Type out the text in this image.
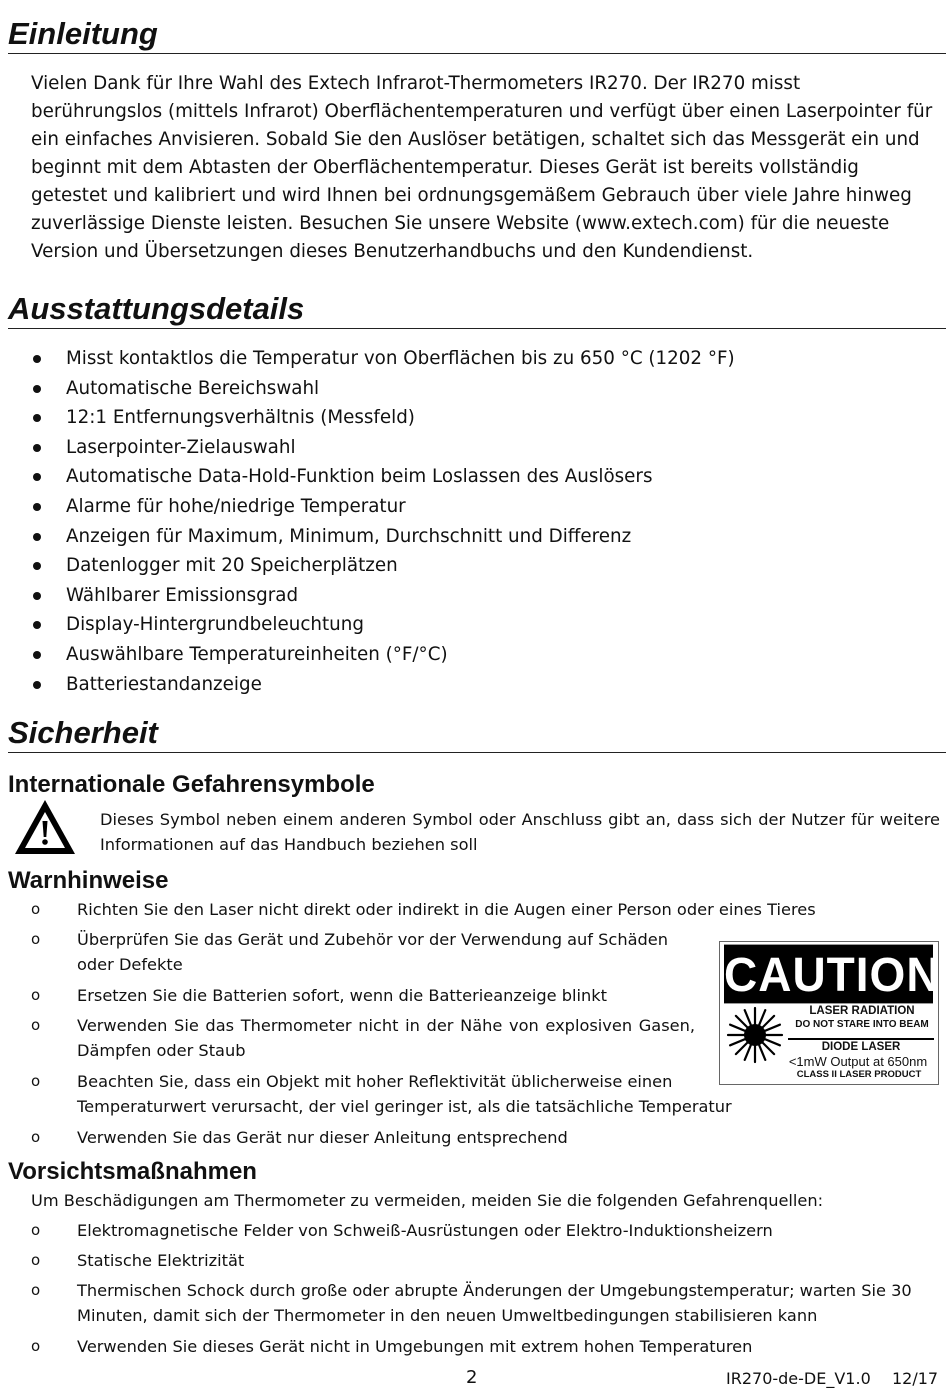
Einleitung

Vielen Dank für Ihre Wahl des Extech Infrarot-Thermometers IR270. Der IR270 misst berührungslos (mittels Infrarot) Oberflächentemperaturen und verfügt über einen Laserpointer für ein einfaches Anvisieren. Sobald Sie den Auslöser betätigen, schaltet sich das Messgerät ein und beginnt mit dem Abtasten der Oberflächentemperatur. Dieses Gerät ist bereits vollständig getestet und kalibriert und wird Ihnen bei ordnungsgemäßem Gebrauch über viele Jahre hinweg zuverlässige Dienste leisten. Besuchen Sie unsere Website (www.extech.com) für die neueste Version und Übersetzungen dieses Benutzerhandbuchs und den Kundendienst.

Ausstattungsdetails
Misst kontaktlos die Temperatur von Oberflächen bis zu 650 °C (1202 °F)
Automatische Bereichswahl
12:1 Entfernungsverhältnis (Messfeld)
Laserpointer-Zielauswahl
Automatische Data-Hold-Funktion beim Loslassen des Auslösers
Alarme für hohe/niedrige Temperatur
Anzeigen für Maximum, Minimum, Durchschnitt und Differenz
Datenlogger mit 20 Speicherplätzen
Wählbarer Emissionsgrad
Display-Hintergrundbeleuchtung
Auswählbare Temperatureinheiten (°F/°C)
Batteriestandanzeige
Sicherheit
Internationale Gefahrensymbole
Dieses Symbol neben einem anderen Symbol oder Anschluss gibt an, dass sich der Nutzer für weitere Informationen auf das Handbuch beziehen soll
Warnhinweise
o Richten Sie den Laser nicht direkt oder indirekt in die Augen einer Person oder eines Tieres
o Überprüfen Sie das Gerät und Zubehör vor der Verwendung auf Schäden oder Defekte
o Ersetzen Sie die Batterien sofort, wenn die Batterieanzeige blinkt
o Verwenden Sie das Thermometer nicht in der Nähe von explosiven Gasen, Dämpfen oder Staub
o Beachten Sie, dass ein Objekt mit hoher Reflektivität üblicherweise einen Temperaturwert verursacht, der viel geringer ist, als die tatsächliche Temperatur
o Verwenden Sie das Gerät nur dieser Anleitung entsprechend
CAUTION
LASER RADIATION
DO NOT STARE INTO BEAM
DIODE LASER
<1mW Output at 650nm
CLASS II LASER PRODUCT
Vorsichtsmaßnahmen
Um Beschädigungen am Thermometer zu vermeiden, meiden Sie die folgenden Gefahrenquellen:
o Elektromagnetische Felder von Schweiß-Ausrüstungen oder Elektro-Induktionsheizern
o Statische Elektrizität
o Thermischen Schock durch große oder abrupte Änderungen der Umgebungstemperatur; warten Sie 30 Minuten, damit sich der Thermometer in den neuen Umweltbedingungen stabilisieren kann
o Verwenden Sie dieses Gerät nicht in Umgebungen mit extrem hohen Temperaturen
2	IR270-de-DE_V1.0   12/17
